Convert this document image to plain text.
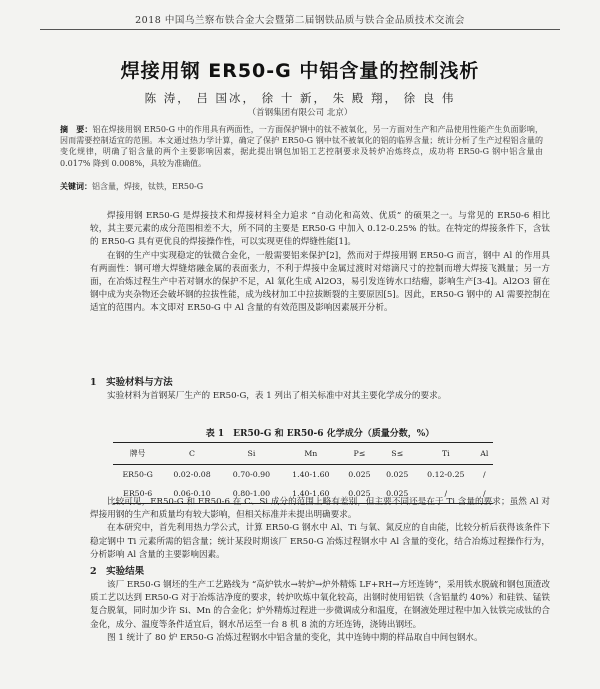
2018 中国乌兰察布铁合金大会暨第二届钢铁品质与铁合金品质技术交流会
焊接用钢 ER50-G 中铝含量的控制浅析
陈 涛， 吕 国冰， 徐 十 新， 朱 殿 翔， 徐 良 伟
（首钢集团有限公司 北京）
摘　要：铝在焊接用钢 ER50-G 中的作用具有两面性，一方面保护钢中的钛不被氧化，另一方面对生产和产品使用性能产生负面影响，因而需要控制适宜的范围。本文通过热力学计算，确定了保护 ER50-G 钢中钛不被氧化的铝的临界含量；统计分析了生产过程铝含量的变化规律，明确了铝含量的两个主要影响因素，据此提出钢包加铝工艺控制要求及转炉冶炼终点，成功将 ER50-G 钢中铝含量由 0.017% 降到 0.008%，具较为准确值。
关键词：铝含量，焊接，钛铁，ER50-G

焊接用钢 ER50-G 是焊接技术和焊接材料全力追求 “自动化和高效、优质” 的硕果之一。与常见的 ER50-6 相比较，其主要元素的成分范围相差不大，所不同的主要是 ER50-G 中加入 0.12-0.25% 的钛。在特定的焊接条件下，含钛的 ER50-G 具有更优良的焊接操作性，可以实现更佳的焊缝性能[1]。

在钢的生产中实现稳定的钛微合金化，一般需要铝来保护[2]，然而对于焊接用钢 ER50-G 而言，钢中 Al 的作用具有两面性：钢可增大焊缝熔融金属的表面张力，不利于焊接中金属过渡时对熔滴尺寸的控制而增大焊接飞溅量；另一方面，在冶炼过程生产中若对钢水的保护不足，Al 氧化生成 Al2O3，易引发连铸水口结瘤，影响生产[3-4]。Al2O3 留在钢中成为夹杂物还会破坏钢的拉拔性能，成为线材加工中拉拔断裂的主要原因[5]。因此，ER50-G 钢中的 Al 需要控制在适宜的范围内。本文即对 ER50-G 中 Al 含量的有效范围及影响因素展开分析。

1　实验材料与方法

实验材料为首钢某厂生产的 ER50-G，表 1 列出了相关标准中对其主要化学成分的要求。

表 1　ER50-G 和 ER50-6 化学成分（质量分数，%）
牌号	C	Si	Mn	P≤	S≤	Ti	Al
ER50-G	0.02-0.08	0.70-0.90	1.40-1.60	0.025	0.025	0.12-0.25	/
ER50-6	0.06-0.10	0.80-1.00	1.40-1.60	0.025	0.025	/	/

比较可见，ER50-G 和 ER50-6 在 C、Si 成分的范围上略有差别，但主要不同还是在于 Ti 含量的要求；虽然 Al 对焊接用钢的生产和质量均有较大影响，但相关标准并未提出明确要求。

在本研究中，首先利用热力学公式，计算 ER50-G 钢水中 Al、Ti 与氧、氮反应的自由能，比较分析后获得该条件下稳定钢中 Ti 元素所需的铝含量；统计某段时期该厂 ER50-G 冶炼过程钢水中 Al 含量的变化，结合冶炼过程操作行为，分析影响 Al 含量的主要影响因素。

2　实验结果

该厂 ER50-G 钢坯的生产工艺路线为 “高炉铁水→转炉→炉外精炼 LF+RH→方坯连铸”，采用铁水脱硫和钢包顶渣改质工艺以达到 ER50-G 对于冶炼洁净度的要求，转炉吹炼中氧化较高，出钢时使用铝铁（含铝量约 40%）和硅铁、锰铁复合脱氧，同时加少许 Si、Mn 的合金化；炉外精炼过程进一步微调成分和温度，在钢液处理过程中加入钛铁完成钛的合金化，成分、温度等条件适宜后，钢水吊运至一台 8 机 8 流的方坯连铸，浇铸出钢坯。

图 1 统计了 80 炉 ER50-G 冶炼过程钢水中铝含量的变化，其中连铸中期的样品取自中间包钢水。
